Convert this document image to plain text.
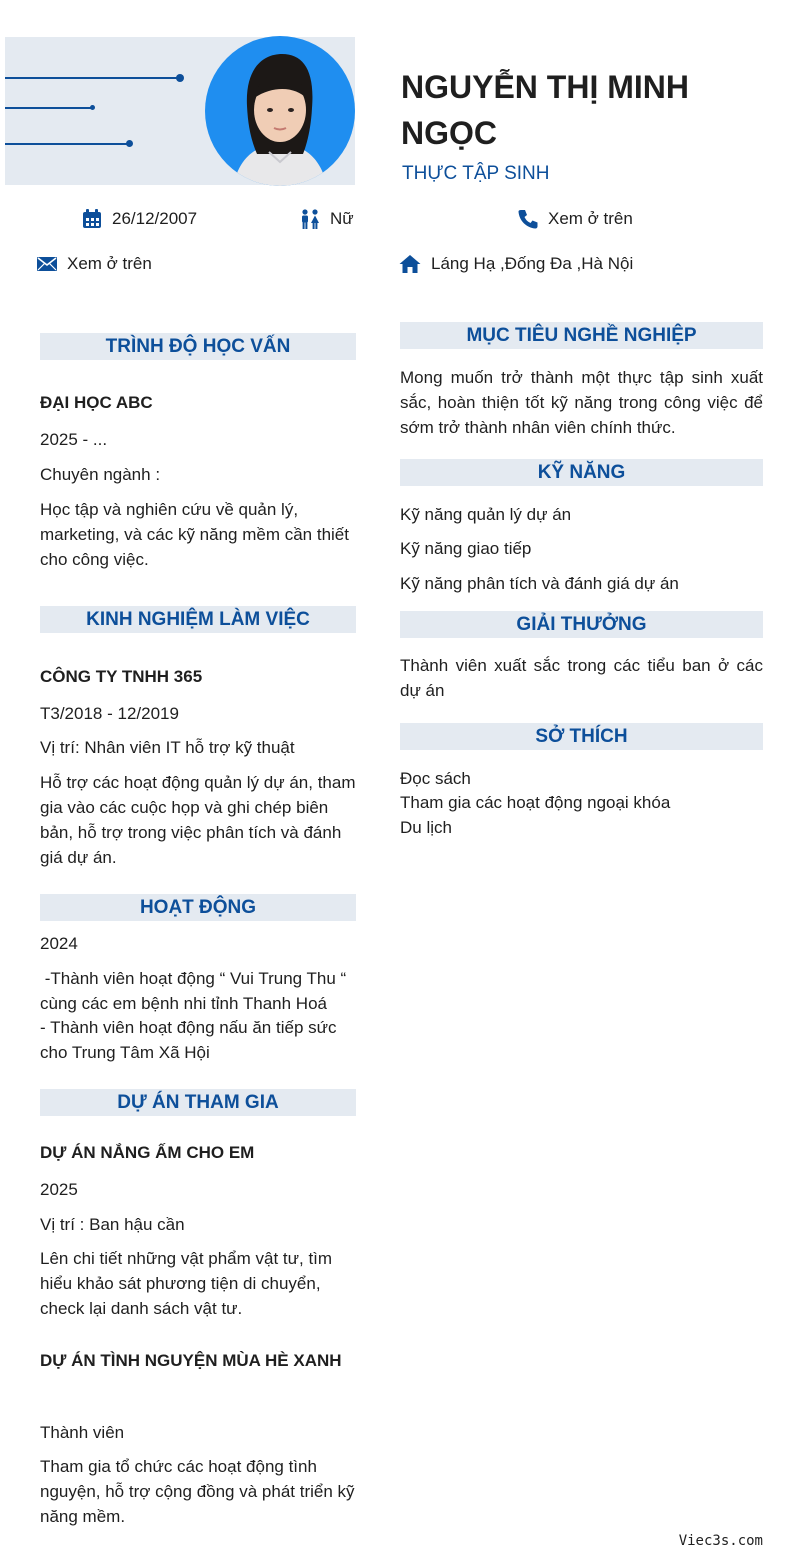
NGUYỄN THỊ MINH NGỌC
THỰC TẬP SINH
26/12/2007	Nữ	Xem ở trên
Xem ở trên	Láng Hạ ,Đống Đa ,Hà Nội
TRÌNH ĐỘ HỌC VẤN
ĐẠI HỌC ABC
2025 - ...
Chuyên ngành :
Học tập và nghiên cứu về quản lý, marketing, và các kỹ năng mềm cần thiết cho công việc.
KINH NGHIỆM LÀM VIỆC
CÔNG TY TNHH 365
T3/2018 - 12/2019
Vị trí: Nhân viên IT hỗ trợ kỹ thuật
Hỗ trợ các hoạt động quản lý dự án, tham gia vào các cuộc họp và ghi chép biên bản, hỗ trợ trong việc phân tích và đánh giá dự án.
HOẠT ĐỘNG
2024
-Thành viên hoạt động “ Vui Trung Thu “ cùng các em bệnh nhi tỉnh Thanh Hoá
- Thành viên hoạt động nấu ăn tiếp sức cho Trung Tâm Xã Hội
DỰ ÁN THAM GIA
DỰ ÁN NẮNG ẤM CHO EM
2025
Vị trí : Ban hậu cần
Lên chi tiết những vật phẩm vật tư, tìm hiểu khảo sát phương tiện di chuyển, check lại danh sách vật tư.
DỰ ÁN TÌNH NGUYỆN MÙA HÈ XANH
Thành viên
Tham gia tổ chức các hoạt động tình nguyện, hỗ trợ cộng đồng và phát triển kỹ năng mềm.
MỤC TIÊU NGHỀ NGHIỆP
Mong muốn trở thành một thực tập sinh xuất sắc, hoàn thiện tốt kỹ năng trong công việc để sớm trở thành nhân viên chính thức.
KỸ NĂNG
Kỹ năng quản lý dự án
Kỹ năng giao tiếp
Kỹ năng phân tích và đánh giá dự án
GIẢI THƯỞNG
Thành viên xuất sắc trong các tiểu ban ở các dự án
SỞ THÍCH
Đọc sách
Tham gia các hoạt động ngoại khóa
Du lịch
Viec3s.com
